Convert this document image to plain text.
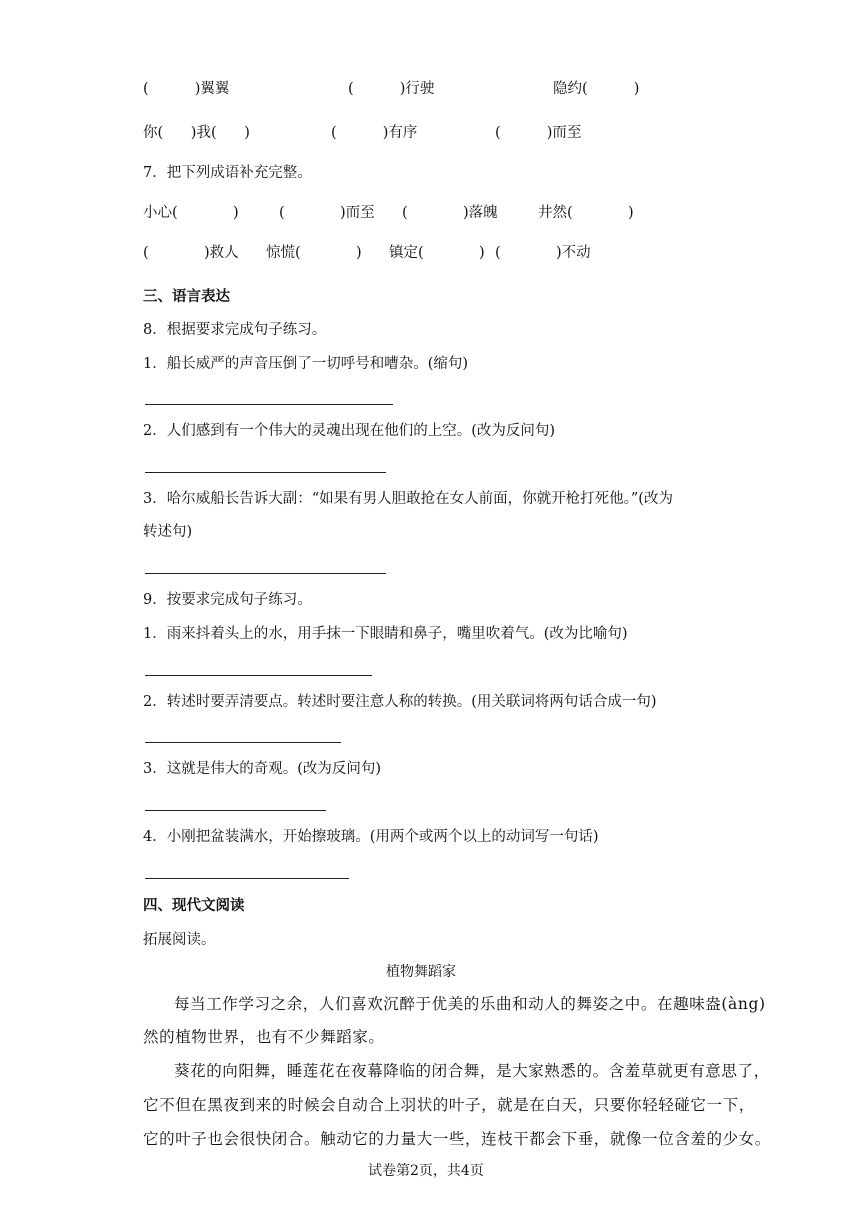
(          )翼翼	(          )行驶	隐约(          )
你(      )我(      )	(          )有序	(          )而至
7．把下列成语补充完整。
小心(            )	(            )而至 (            )落魄	井然(            )
(            )救人 惊慌(            ) 镇定(            ) (            )不动
三、语言表达
8．根据要求完成句子练习。
1．船长威严的声音压倒了一切呼号和嘈杂。(缩句)
2．人们感到有一个伟大的灵魂出现在他们的上空。(改为反问句)
3．哈尔威船长告诉大副：“如果有男人胆敢抢在女人前面，你就开枪打死他。”(改为
转述句)
9．按要求完成句子练习。
1．雨来抖着头上的水，用手抹一下眼睛和鼻子，嘴里吹着气。(改为比喻句)
2．转述时要弄清要点。转述时要注意人称的转换。(用关联词将两句话合成一句)
3．这就是伟大的奇观。(改为反问句)
4．小刚把盆装满水，开始擦玻璃。(用两个或两个以上的动词写一句话)
四、现代文阅读
拓展阅读。
植物舞蹈家
每当工作学习之余，人们喜欢沉醉于优美的乐曲和动人的舞姿之中。在趣味盎(àng)
然的植物世界，也有不少舞蹈家。
葵花的向阳舞，睡莲花在夜幕降临的闭合舞，是大家熟悉的。含羞草就更有意思了，
它不但在黑夜到来的时候会自动合上羽状的叶子，就是在白天，只要你轻轻碰它一下，
它的叶子也会很快闭合。触动它的力量大一些，连枝干都会下垂，就像一位含羞的少女。
试卷第2页，共4页
